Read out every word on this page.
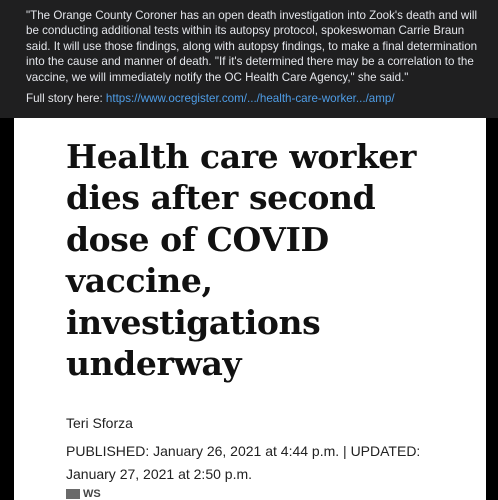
"The Orange County Coroner has an open death investigation into Zook's death and will be conducting additional tests within its autopsy protocol, spokeswoman Carrie Braun said. It will use those findings, along with autopsy findings, to make a final determination into the cause and manner of death. "If it's determined there may be a correlation to the vaccine, we will immediately notify the OC Health Care Agency," she said."

Full story here: https://www.ocregister.com/.../health-care-worker.../amp/

Health care worker dies after second dose of COVID vaccine, investigations underway

Teri Sforza

PUBLISHED: January 26, 2021 at 4:44 p.m. | UPDATED: January 27, 2021 at 2:50 p.m.

WS
